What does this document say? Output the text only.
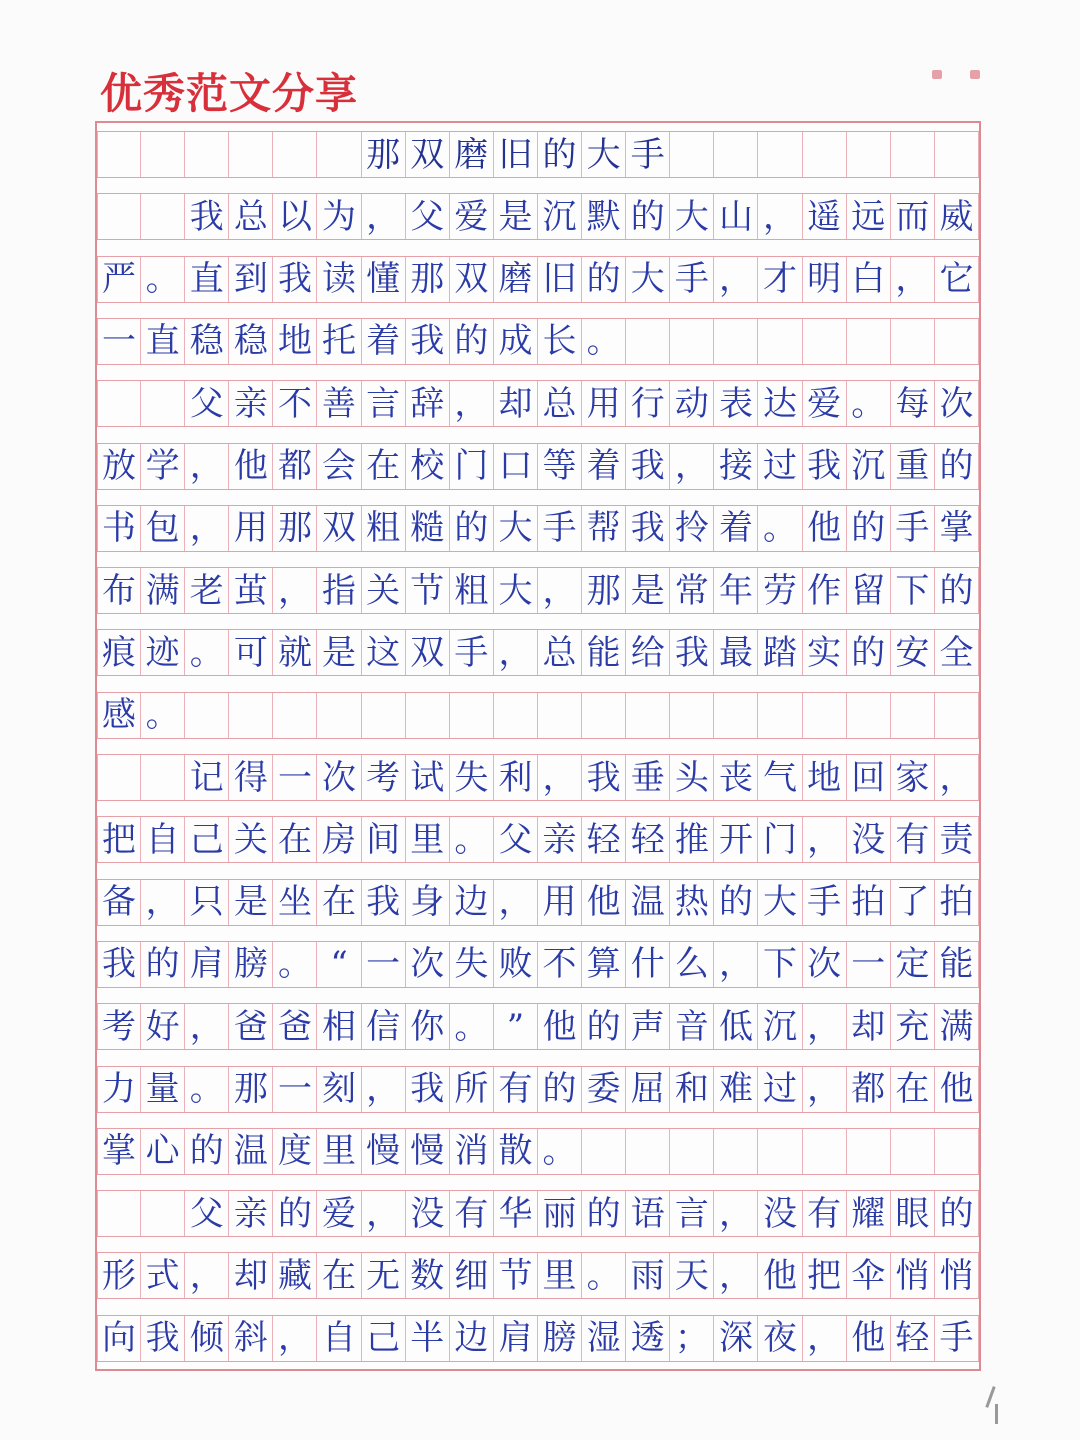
优秀范文分享
那 双 磨 旧 的 大 手
我 总 以 为 ， 父 爱 是 沉 默 的 大 山 ， 遥 远 而 威
严 。 直 到 我 读 懂 那 双 磨 旧 的 大 手 ， 才 明 白 ， 它
一 直 稳 稳 地 托 着 我 的 成 长 。
父 亲 不 善 言 辞 ， 却 总 用 行 动 表 达 爱 。 每 次
放 学 ， 他 都 会 在 校 门 口 等 着 我 ， 接 过 我 沉 重 的
书 包 ， 用 那 双 粗 糙 的 大 手 帮 我 拎 着 。 他 的 手 掌
布 满 老 茧 ， 指 关 节 粗 大 ， 那 是 常 年 劳 作 留 下 的
痕 迹 。 可 就 是 这 双 手 ， 总 能 给 我 最 踏 实 的 安 全
感 。
记 得 一 次 考 试 失 利 ， 我 垂 头 丧 气 地 回 家 ，
把 自 己 关 在 房 间 里 。 父 亲 轻 轻 推 开 门 ， 没 有 责
备 ， 只 是 坐 在 我 身 边 ， 用 他 温 热 的 大 手 拍 了 拍
我 的 肩 膀 。 “ 一 次 失 败 不 算 什 么 ， 下 次 一 定 能
考 好 ， 爸 爸 相 信 你 。 ” 他 的 声 音 低 沉 ， 却 充 满
力 量 。 那 一 刻 ， 我 所 有 的 委 屈 和 难 过 ， 都 在 他
掌 心 的 温 度 里 慢 慢 消 散 。
父 亲 的 爱 ， 没 有 华 丽 的 语 言 ， 没 有 耀 眼 的
形 式 ， 却 藏 在 无 数 细 节 里 。 雨 天 ， 他 把 伞 悄 悄
向 我 倾 斜 ， 自 己 半 边 肩 膀 湿 透 ； 深 夜 ， 他 轻 手
